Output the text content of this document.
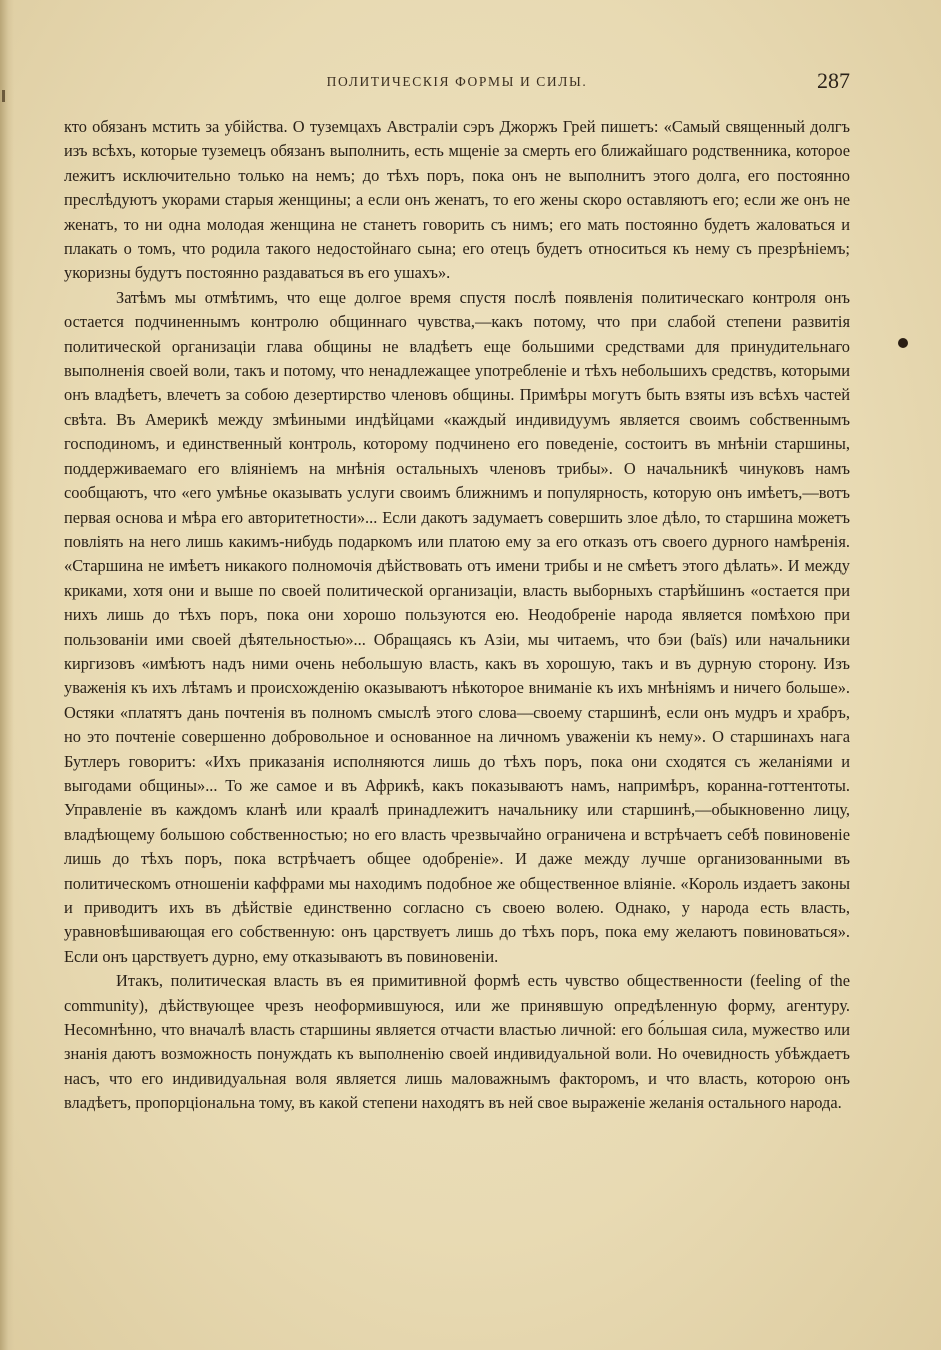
ПОЛИТИЧЕСКІЯ ФОРМЫ И СИЛЫ.	287

кто обязанъ мстить за убійства. О туземцахъ Австраліи сэръ Джоржъ Грей пишетъ: «Самый священный долгъ изъ всѣхъ, которые туземецъ обязанъ выполнить, есть мщеніе за смерть его ближайшаго родственника, которое лежитъ исключительно только на немъ; до тѣхъ поръ, пока онъ не выполнитъ этого долга, его постоянно преслѣдуютъ укорами старыя женщины; а если онъ женатъ, то его жены скоро оставляютъ его; если же онъ не женатъ, то ни одна молодая женщина не станетъ говорить съ нимъ; его мать постоянно будетъ жаловаться и плакать о томъ, что родила такого недостойнаго сына; его отецъ будетъ относиться къ нему съ презрѣніемъ; укоризны будутъ постоянно раздаваться въ его ушахъ».

Затѣмъ мы отмѣтимъ, что еще долгое время спустя послѣ появленія политическаго контроля онъ остается подчиненнымъ контролю общиннаго чувства,—какъ потому, что при слабой степени развитія политической организаціи глава общины не владѣетъ еще большими средствами для принудительнаго выполненія своей воли, такъ и потому, что ненадлежащее употребленіе и тѣхъ небольшихъ средствъ, которыми онъ владѣетъ, влечетъ за собою дезертирство членовъ общины. Примѣры могутъ быть взяты изъ всѣхъ частей свѣта. Въ Америкѣ между змѣиными индѣйцами «каждый индивидуумъ является своимъ собственнымъ господиномъ, и единственный контроль, которому подчинено его поведеніе, состоитъ въ мнѣніи старшины, поддерживаемаго его вліяніемъ на мнѣнія остальныхъ членовъ трибы». О начальникѣ чинуковъ намъ сообщаютъ, что «его умѣнье оказывать услуги своимъ ближнимъ и популярность, которую онъ имѣетъ,—вотъ первая основа и мѣра его авторитетности»... Если дакотъ задумаетъ совершить злое дѣло, то старшина можетъ повліять на него лишь какимъ-нибудь подаркомъ или платою ему за его отказъ отъ своего дурного намѣренія. «Старшина не имѣетъ никакого полномочія дѣйствовать отъ имени трибы и не смѣетъ этого дѣлать». И между криками, хотя они и выше по своей политической организаціи, власть выборныхъ старѣйшинъ «остается при нихъ лишь до тѣхъ поръ, пока они хорошо пользуются ею. Неодобреніе народа является помѣхою при пользованіи ими своей дѣятельностью»... Обращаясь къ Азіи, мы читаемъ, что бэи (baïs) или начальники киргизовъ «имѣютъ надъ ними очень небольшую власть, какъ въ хорошую, такъ и въ дурную сторону. Изъ уваженія къ ихъ лѣтамъ и происхожденію оказываютъ нѣкоторое вниманіе къ ихъ мнѣніямъ и ничего больше». Остяки «платятъ дань почтенія въ полномъ смыслѣ этого слова—своему старшинѣ, если онъ мудръ и храбръ, но это почтеніе совершенно добровольное и основанное на личномъ уваженіи къ нему». О старшинахъ нага Бутлеръ говоритъ: «Ихъ приказанія исполняются лишь до тѣхъ поръ, пока они сходятся съ желаніями и выгодами общины»... То же самое и въ Африкѣ, какъ показываютъ намъ, напримѣръ, коранна-готтентоты. Управленіе въ каждомъ кланѣ или краалѣ принадлежитъ начальнику или старшинѣ,—обыкновенно лицу, владѣющему большою собственностью; но его власть чрезвычайно ограничена и встрѣчаетъ себѣ повиновеніе лишь до тѣхъ поръ, пока встрѣчаетъ общее одобреніе». И даже между лучше организованными въ политическомъ отношеніи каффрами мы находимъ подобное же общественное вліяніе. «Король издаетъ законы и приводитъ ихъ въ дѣйствіе единственно согласно съ своею волею. Однако, у народа есть власть, уравновѣшивающая его собственную: онъ царствуетъ лишь до тѣхъ поръ, пока ему желаютъ повиноваться». Если онъ царствуетъ дурно, ему отказываютъ въ повиновеніи.

Итакъ, политическая власть въ ея примитивной формѣ есть чувство общественности (feeling of the community), дѣйствующее чрезъ неоформившуюся, или же принявшую опредѣленную форму, агентуру. Несомнѣнно, что вначалѣ власть старшины является отчасти властью личной: его бо́льшая сила, мужество или знанія даютъ возможность понуждать къ выполненію своей индивидуальной воли. Но очевидность убѣждаетъ насъ, что его индивидуальная воля является лишь маловажнымъ факторомъ, и что власть, которою онъ владѣетъ, пропорціональна тому, въ какой степени находятъ въ ней свое выраженіе желанія остального народа.
